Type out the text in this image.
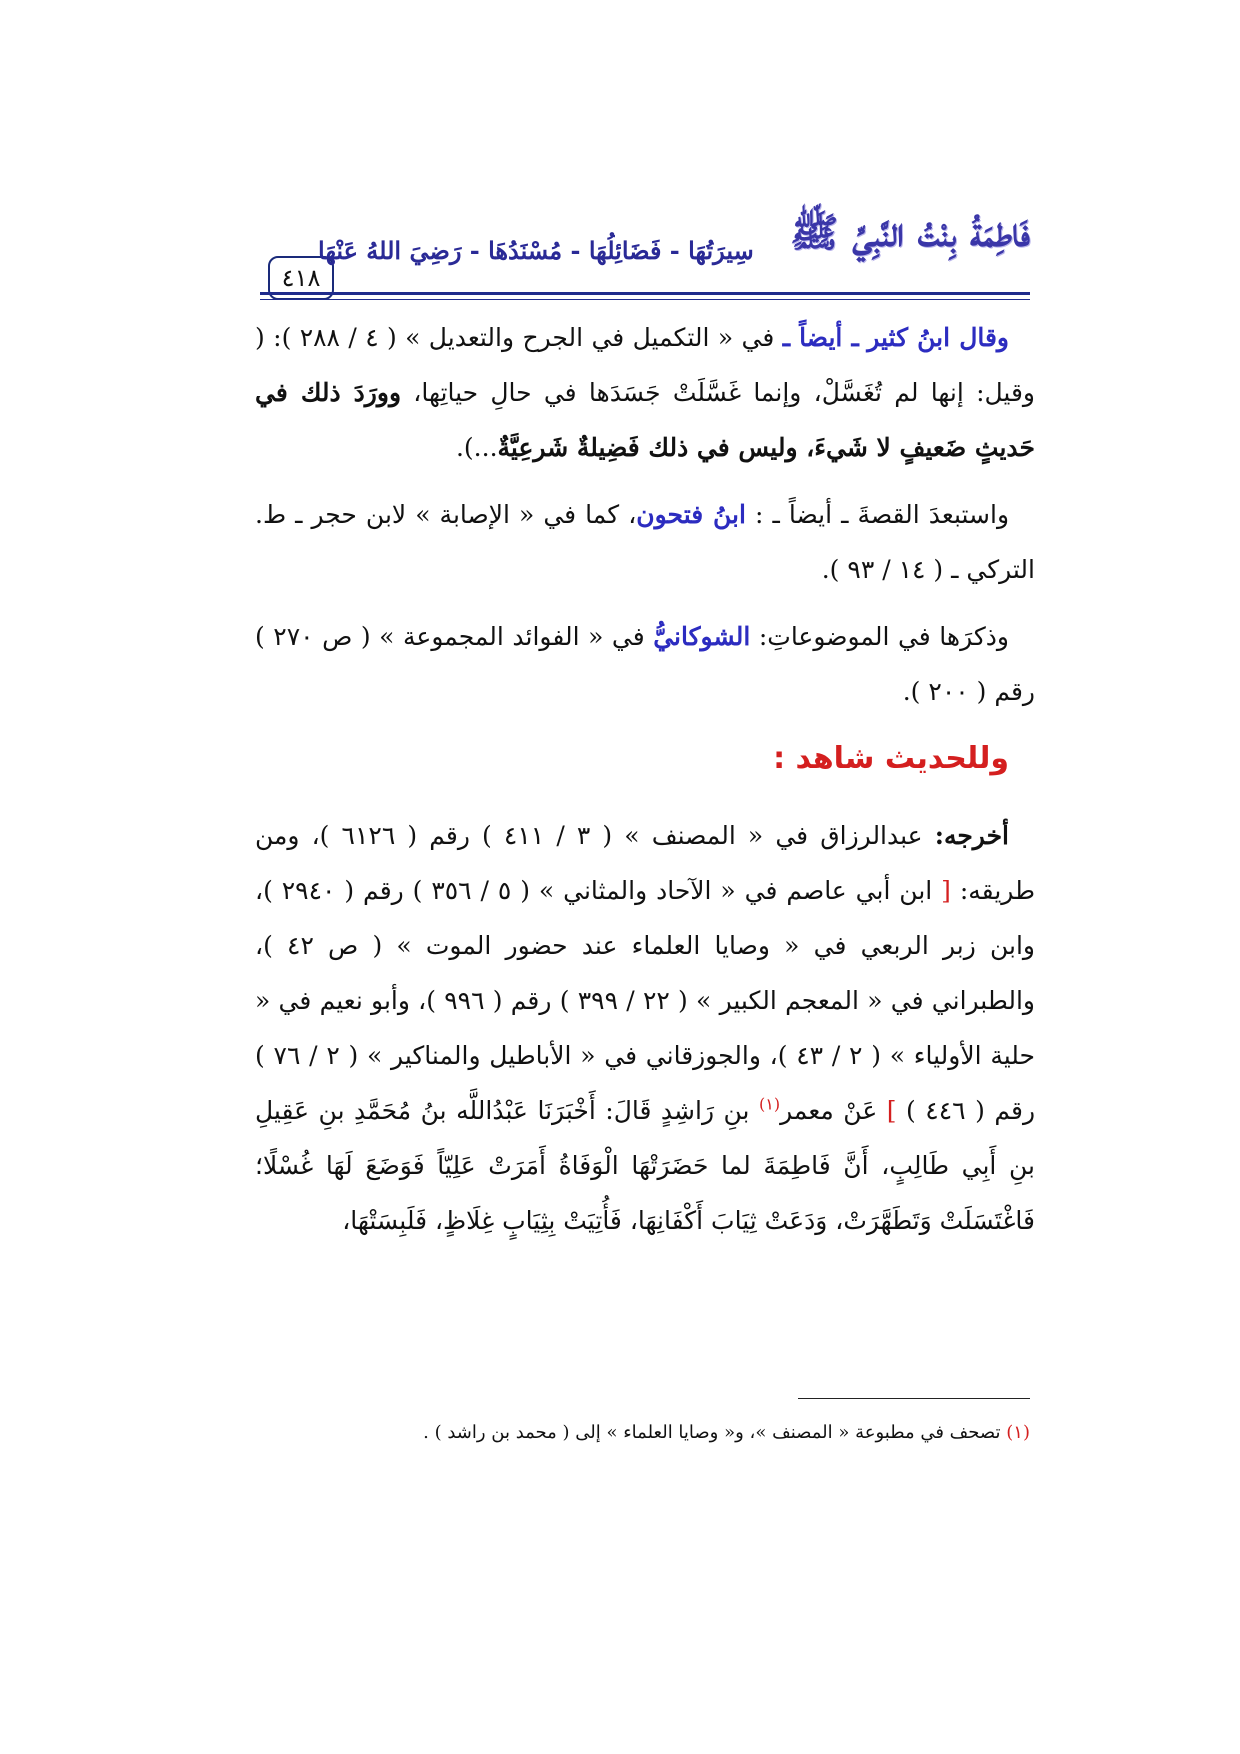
٤١٨
فَاطِمَةُ بِنْتُ النَّبِيِّ ﷺ
سِيرَتُهَا - فَضَائِلُهَا - مُسْنَدُهَا - رَضِيَ اللهُ عَنْهَا

وقال ابنُ كثير ـ أيضاً ـ في « التكميل في الجرح والتعديل » ( ٤ / ٢٨٨ ): ( وقيل: إنها لم تُغَسَّلْ، وإنما غَسَّلَتْ جَسَدَها في حالِ حياتِها، وورَدَ ذلك في حَديثٍ ضَعيفٍ لا شَيءَ، وليس في ذلك فَضِيلةٌ شَرعِيَّةٌ...).

واستبعدَ القصةَ ـ أيضاً ـ : ابنُ فتحون، كما في « الإصابة » لابن حجر ـ ط. التركي ـ ( ١٤ / ٩٣ ).

وذكرَها في الموضوعاتِ: الشوكانيُّ في « الفوائد المجموعة » ( ص ٢٧٠ ) رقم ( ٢٠٠ ).

وللحديث شاهد :

أخرجه: عبدالرزاق في « المصنف » ( ٣ / ٤١١ ) رقم ( ٦١٢٦ )، ومن طريقه: [ ابن أبي عاصم في « الآحاد والمثاني » ( ٥ / ٣٥٦ ) رقم ( ٢٩٤٠ )، وابن زبر الربعي في « وصايا العلماء عند حضور الموت » ( ص ٤٢ )، والطبراني في « المعجم الكبير » ( ٢٢ / ٣٩٩ ) رقم ( ٩٩٦ )، وأبو نعيم في « حلية الأولياء » ( ٢ / ٤٣ )، والجوزقاني في « الأباطيل والمناكير » ( ٢ / ٧٦ ) رقم ( ٤٤٦ ) ] عَنْ معمر$^{(١)}$ بنِ رَاشِدٍ قَالَ: أَخْبَرَنَا عَبْدُاللَّه بنُ مُحَمَّدِ بنِ عَقِيلِ بنِ أَبِي طَالِبٍ، أَنَّ فَاطِمَةَ لما حَضَرَتْهَا الْوَفَاةُ أَمَرَتْ عَلِيّاً فَوَضَعَ لَهَا غُسْلًا؛ فَاغْتَسَلَتْ وَتَطَهَّرَتْ، وَدَعَتْ ثِيَابَ أَكْفَانِهَا، فَأُتِيَتْ بِثِيَابٍ غِلَاظٍ، فَلَبِسَتْهَا،

(١) تصحف في مطبوعة « المصنف »، و« وصايا العلماء » إلى ( محمد بن راشد ) .
